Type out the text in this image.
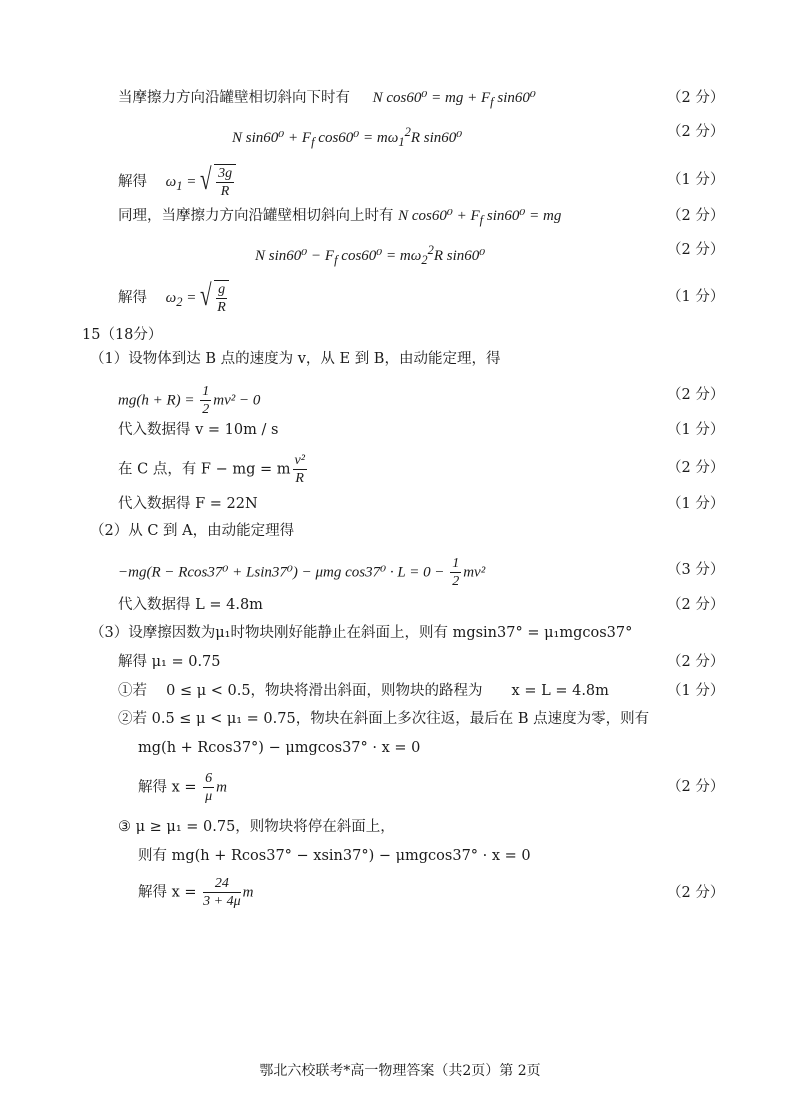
当摩擦力方向沿罐壁相切斜向下时有 N cos60⁰ = mg + $F_f$ sin60⁰	（2 分）
N $\sin 60^0 + F_f$ $\cos 60^0 = m\omega_1^2R$ sin60⁰	（2 分）
解得 $\omega_1$ = √ $\frac{3g}{R}$	（1 分）
同理，当摩擦力方向沿罐壁相切斜向上时有 N $\cos 60^0 + F_f$ sin60⁰ = mg	（2 分）
N $\sin 60^0 - F_f$ $\cos 60^0 = m\omega_2^2R$ sin60⁰	（2 分）
解得 $\omega_2$ = √ $\frac{g}{R}$	（1 分）
15（18分）
（1）设物体到达 B 点的速度为 v，从 E 到 B，由动能定理，得
$mg(h + R) = \frac{1}{2} mv^2 - 0$	（2 分）
代入数据得 v = 10m / s	（1 分）
在 C 点，有 F − mg = m $\frac{\text{v²}}{R}$	（2 分）
代入数据得 F = 22N	（1 分）
（2）从 C 到 A，由动能定理得
−mg(R − Rcos37⁰ + Lsin37⁰) − μmg $\cos 37^0 \cdot L = 0 - \frac{1}{2} mv^2$	（3 分）
代入数据得 L = 4.8m	（2 分）
（3）设摩擦因数为μ₁时物块刚好能静止在斜面上，则有 mgsin37° = μ₁mgcos37°
解得 μ₁ = 0.75	（2 分）
①若　 0 ≤ μ < 0.5，物块将滑出斜面，则物块的路程为　　x = L = 4.8m	（1 分）
②若 0.5 ≤ μ < μ₁ = 0.75，物块在斜面上多次往返，最后在 B 点速度为零，则有
mg(h + Rcos37°) − μmgcos37° · x = 0
解得 $x = \frac{6}{\mu}$ m	（2 分）
③ μ ≥ μ₁ = 0.75，则物块将停在斜面上，
则有 mg(h + Rcos37° − xsin37°) − μmgcos37° · x = 0
解得 $x = \frac{24}{3 + 4\mu}$ m	（2 分）
鄂北六校联考*高一物理答案（共2页）第 2页
